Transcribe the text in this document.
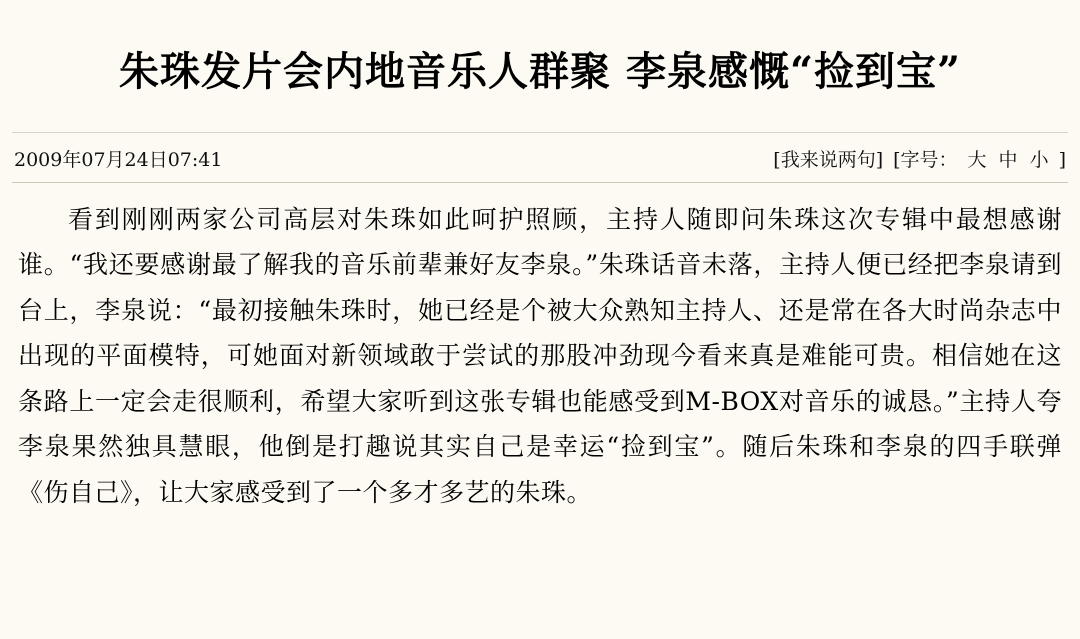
朱珠发片会内地音乐人群聚 李泉感慨“捡到宝”
2009年07月24日07:41	[我来说两句] [字号： 大 中 小 ]

看到刚刚两家公司高层对朱珠如此呵护照顾，主持人随即问朱珠这次专辑中最想感谢谁。“我还要感谢最了解我的音乐前辈兼好友李泉。”朱珠话音未落，主持人便已经把李泉请到台上，李泉说：“最初接触朱珠时，她已经是个被大众熟知主持人、还是常在各大时尚杂志中出现的平面模特，可她面对新领域敢于尝试的那股冲劲现今看来真是难能可贵。相信她在这条路上一定会走很顺利，希望大家听到这张专辑也能感受到M-BOX对音乐的诚恳。”主持人夸李泉果然独具慧眼，他倒是打趣说其实自己是幸运“捡到宝”。随后朱珠和李泉的四手联弹《伤自己》，让大家感受到了一个多才多艺的朱珠。
